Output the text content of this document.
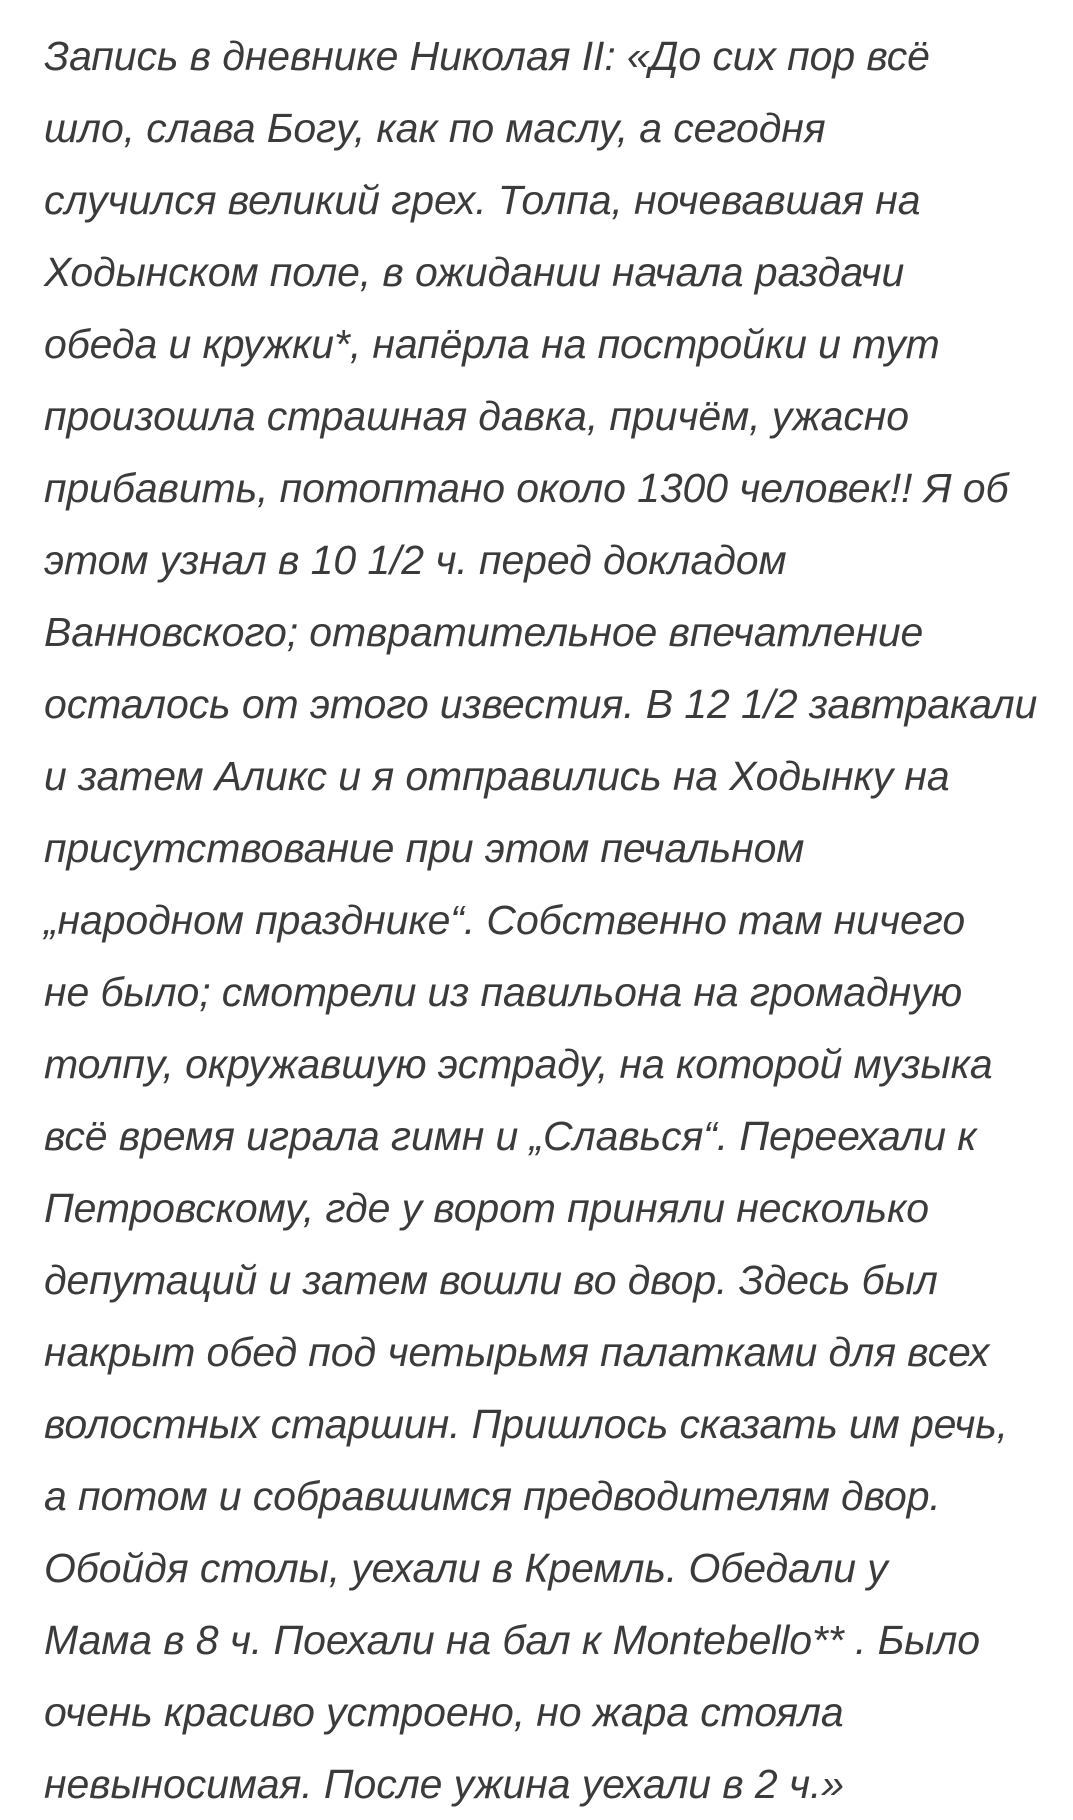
Запись в дневнике Николая II: «До сих пор всё
шло, слава Богу, как по маслу, а сегодня
случился великий грех. Толпа, ночевавшая на
Ходынском поле, в ожидании начала раздачи
обеда и кружки*, напёрла на постройки и тут
произошла страшная давка, причём, ужасно
прибавить, потоптано около 1300 человек!! Я об
этом узнал в 10 1/2 ч. перед докладом
Ванновского; отвратительное впечатление
осталось от этого известия. В 12 1/2 завтракали
и затем Аликс и я отправились на Ходынку на
присутствование при этом печальном
„народном празднике“. Собственно там ничего
не было; смотрели из павильона на громадную
толпу, окружавшую эстраду, на которой музыка
всё время играла гимн и „Славься“. Переехали к
Петровскому, где у ворот приняли несколько
депутаций и затем вошли во двор. Здесь был
накрыт обед под четырьмя палатками для всех
волостных старшин. Пришлось сказать им речь,
а потом и собравшимся предводителям двор.
Обойдя столы, уехали в Кремль. Обедали у
Мама в 8 ч. Поехали на бал к Montebello** . Было
очень красиво устроено, но жара стояла
невыносимая. После ужина уехали в 2 ч.»
